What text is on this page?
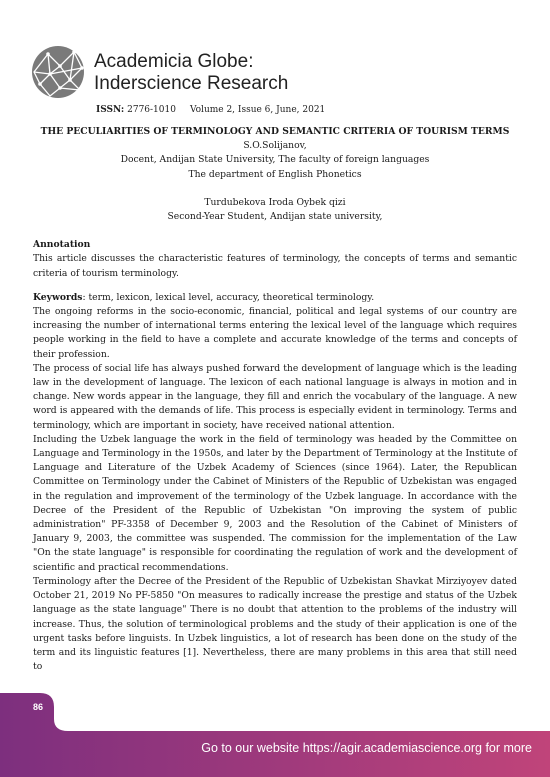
Academicia Globe:
Inderscience Research
ISSN: 2776-1010 Volume 2, Issue 6, June, 2021

THE PECULIARITIES OF TERMINOLOGY AND SEMANTIC CRITERIA OF TOURISM TERMS

S.O.Solijanov,

Docent, Andijan State University, The faculty of foreign languages

The department of English Phonetics

Turdubekova Iroda Oybek qizi

Second-Year Student, Andijan state university,

Annotation

This article discusses the characteristic features of terminology, the concepts of terms and semantic criteria of tourism terminology.

Keywords: term, lexicon, lexical level, accuracy, theoretical terminology.

The ongoing reforms in the socio-economic, financial, political and legal systems of our country are increasing the number of international terms entering the lexical level of the language which requires people working in the field to have a complete and accurate knowledge of the terms and concepts of their profession.

The process of social life has always pushed forward the development of language which is the leading law in the development of language. The lexicon of each national language is always in motion and in change. New words appear in the language, they fill and enrich the vocabulary of the language. A new word is appeared with the demands of life. This process is especially evident in terminology. Terms and terminology, which are important in society, have received national attention.

Including the Uzbek language the work in the field of terminology was headed by the Committee on Language and Terminology in the 1950s, and later by the Department of Terminology at the Institute of Language and Literature of the Uzbek Academy of Sciences (since 1964). Later, the Republican Committee on Terminology under the Cabinet of Ministers of the Republic of Uzbekistan was engaged in the regulation and improvement of the terminology of the Uzbek language. In accordance with the Decree of the President of the Republic of Uzbekistan "On improving the system of public administration" PF-3358 of December 9, 2003 and the Resolution of the Cabinet of Ministers of January 9, 2003, the committee was suspended. The commission for the implementation of the Law "On the state language" is responsible for coordinating the regulation of work and the development of scientific and practical recommendations.

Terminology after the Decree of the President of the Republic of Uzbekistan Shavkat Mirziyoyev dated October 21, 2019 No PF-5850 "On measures to radically increase the prestige and status of the Uzbek language as the state language" There is no doubt that attention to the problems of the industry will increase. Thus, the solution of terminological problems and the study of their application is one of the urgent tasks before linguists. In Uzbek linguistics, a lot of research has been done on the study of the term and its linguistic features [1]. Nevertheless, there are many problems in this area that still need to

86
Go to our website https://agir.academiascience.org for more
